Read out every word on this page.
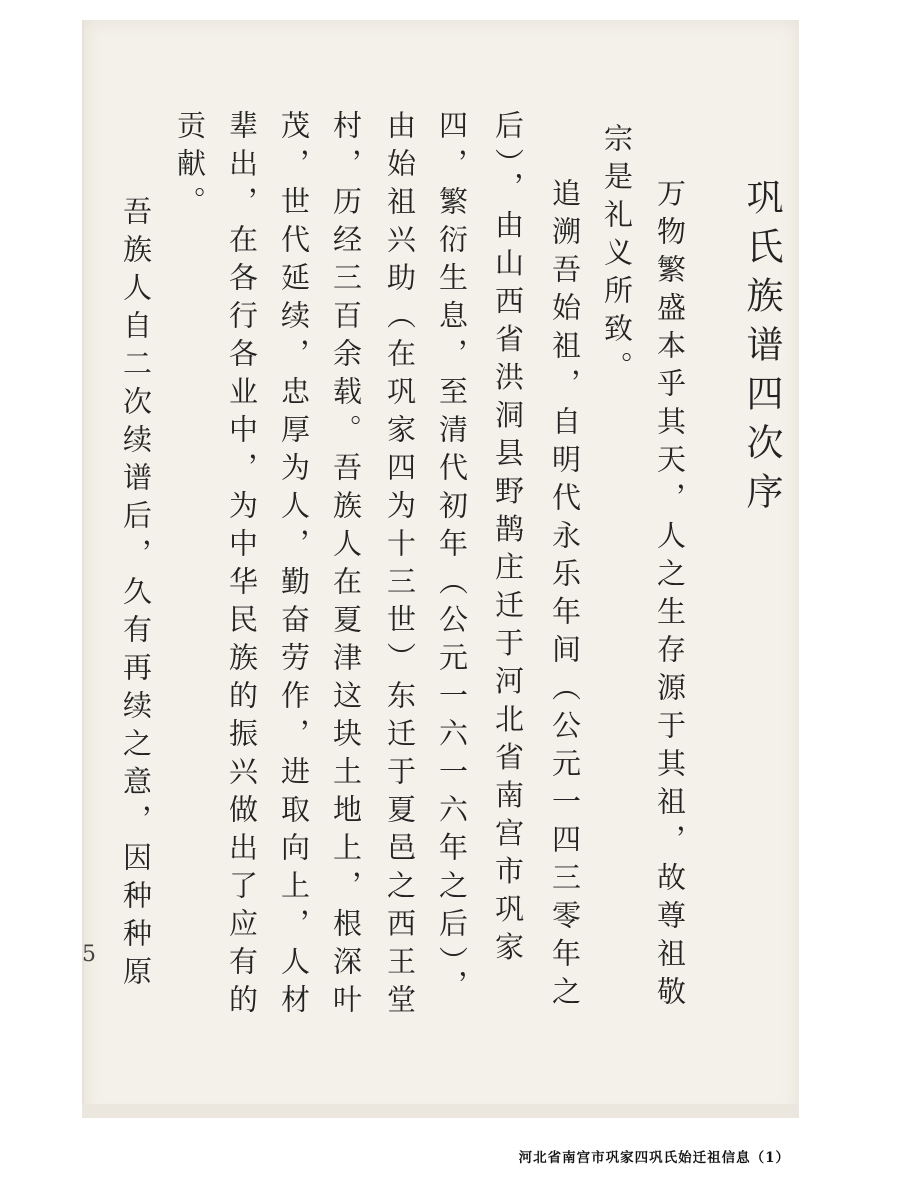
巩氏族谱四次序
万物繁盛本乎其天，人之生存源于其祖，故尊祖敬
宗是礼义所致。
追溯吾始祖，自明代永乐年间（公元一四三零年之
后），由山西省洪洞县野鹊庄迁于河北省南宫市巩家
四，繁衍生息，至清代初年（公元一六一六年之后），
由始祖兴助（在巩家四为十三世）东迁于夏邑之西王堂
村，历经三百余载。吾族人在夏津这块土地上，根深叶
茂，世代延续，忠厚为人，勤奋劳作，进取向上，人材
辈出，在各行各业中，为中华民族的振兴做出了应有的
贡献。
吾族人自二次续谱后，久有再续之意，因种种原
5
河北省南宫市巩家四巩氏始迁祖信息（1）
